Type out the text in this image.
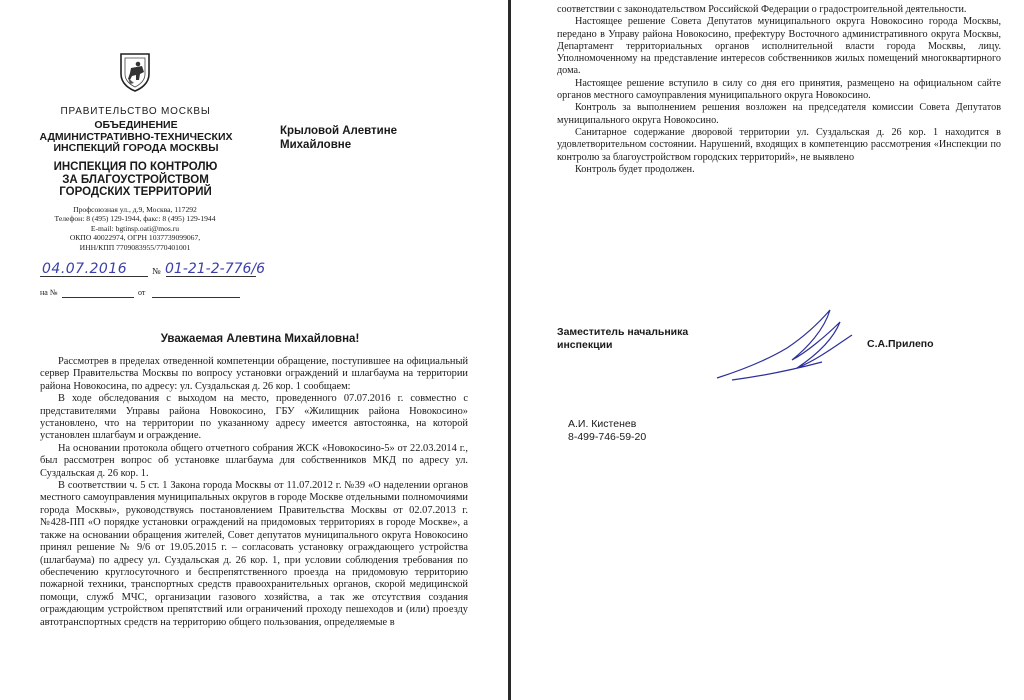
ПРАВИТЕЛЬСТВО МОСКВЫ
ОБЪЕДИНЕНИЕ АДМИНИСТРАТИВНО-ТЕХНИЧЕСКИХ ИНСПЕКЦИЙ ГОРОДА МОСКВЫ
ИНСПЕКЦИЯ ПО КОНТРОЛЮ ЗА БЛАГОУСТРОЙСТВОМ ГОРОДСКИХ ТЕРРИТОРИЙ
Профсоюзная ул., д.9, Москва, 117292
Телефон: 8 (495) 129-1944, факс: 8 (495) 129-1944
E-mail: bgtinsp.oati@mos.ru
ОКПО 40022974, ОГРН 1037739099067,
ИНН/КПП 7709083955/770401001
04.07.2016	№ 01-21-2-776/6
на №	от
Крыловой Алевтине Михайловне
Уважаемая Алевтина Михайловна!

Рассмотрев в пределах отведенной компетенции обращение, поступившее на официальный сервер Правительства Москвы по вопросу установки ограждений и шлагбаума на территории района Новокосина, по адресу: ул. Суздальская д. 26 кор. 1 сообщаем:

В ходе обследования с выходом на место, проведенного 07.07.2016 г. совместно с представителями Управы района Новокосино, ГБУ «Жилищник района Новокосино» установлено, что на территории по указанному адресу имеется автостоянка, на которой установлен шлагбаум и ограждение.

На основании протокола общего отчетного собрания ЖСК «Новокосино-5» от 22.03.2014 г., был рассмотрен вопрос об установке шлагбаума для собственников МКД по адресу ул. Суздальская д. 26 кор. 1.

В соответствии ч. 5 ст. 1 Закона города Москвы от 11.07.2012 г. №39 «О наделении органов местного самоуправления муниципальных округов в городе Москве отдельными полномочиями города Москвы», руководствуясь постановлением Правительства Москвы от 02.07.2013 г. №428-ПП «О порядке установки ограждений на придомовых территориях в городе Москве», а также на основании обращения жителей, Совет депутатов муниципального округа Новокосино принял решение № 9/6 от 19.05.2015 г. – согласовать установку ограждающего устройства (шлагбаума) по адресу ул. Суздальская д. 26 кор. 1, при условии соблюдения требования по обеспечению круглосуточного и беспрепятственного проезда на придомовую территорию пожарной техники, транспортных средств правоохранительных органов, скорой медицинской помощи, служб МЧС, организации газового хозяйства, а так же отсутствия создания ограждающим устройством препятствий или ограничений проходу пешеходов и (или) проезду автотранспортных средств на территорию общего пользования, определяемые в

соответствии с законодательством Российской Федерации о градостроительной деятельности.

Настоящее решение Совета Депутатов муниципального округа Новокосино города Москвы, передано в Управу района Новокосино, префектуру Восточного административного округа Москвы, Департамент территориальных органов исполнительной власти города Москвы, лицу. Уполномоченному на представление интересов собственников жилых помещений многоквартирного дома.

Настоящее решение вступило в силу со дня его принятия, размещено на официальном сайте органов местного самоуправления муниципального округа Новокосино.

Контроль за выполнением решения возложен на председателя комиссии Совета Депутатов муниципального округа Новокосино.

Санитарное содержание дворовой территории ул. Суздальская д. 26 кор. 1 находится в удовлетворительном состоянии. Нарушений, входящих в компетенцию рассмотрения «Инспекции по контролю за благоустройством городских территорий», не выявлено

Контроль будет продолжен.

Заместитель начальника инспекции	С.А.Прилепо
А.И. Кистенев
8-499-746-59-20
